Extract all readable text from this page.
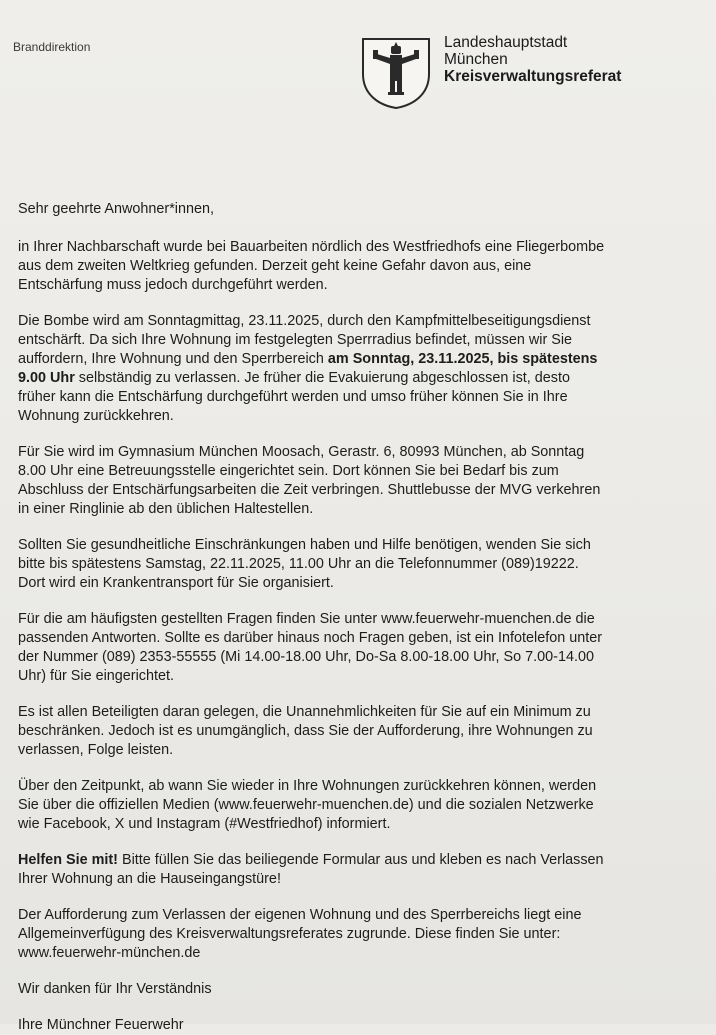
Branddirektion	Landeshauptstadt
München
Kreisverwaltungsreferat

Sehr geehrte Anwohner*innen,

in Ihrer Nachbarschaft wurde bei Bauarbeiten nördlich des Westfriedhofs eine Fliegerbombe

aus dem zweiten Weltkrieg gefunden. Derzeit geht keine Gefahr davon aus, eine

Entschärfung muss jedoch durchgeführt werden.

Die Bombe wird am Sonntagmittag, 23.11.2025, durch den Kampfmittelbeseitigungsdienst

entschärft. Da sich Ihre Wohnung im festgelegten Sperrradius befindet, müssen wir Sie

auffordern, Ihre Wohnung und den Sperrbereich am Sonntag, 23.11.2025, bis spätestens

9.00 Uhr selbständig zu verlassen. Je früher die Evakuierung abgeschlossen ist, desto

früher kann die Entschärfung durchgeführt werden und umso früher können Sie in Ihre

Wohnung zurückkehren.

Für Sie wird im Gymnasium München Moosach, Gerastr. 6, 80993 München, ab Sonntag

8.00 Uhr eine Betreuungsstelle eingerichtet sein. Dort können Sie bei Bedarf bis zum

Abschluss der Entschärfungsarbeiten die Zeit verbringen. Shuttlebusse der MVG verkehren

in einer Ringlinie ab den üblichen Haltestellen.

Sollten Sie gesundheitliche Einschränkungen haben und Hilfe benötigen, wenden Sie sich

bitte bis spätestens Samstag, 22.11.2025, 11.00 Uhr an die Telefonnummer (089)19222.

Dort wird ein Krankentransport für Sie organisiert.

Für die am häufigsten gestellten Fragen finden Sie unter www.feuerwehr-muenchen.de die

passenden Antworten. Sollte es darüber hinaus noch Fragen geben, ist ein Infotelefon unter

der Nummer (089) 2353-55555 (Mi 14.00-18.00 Uhr, Do-Sa 8.00-18.00 Uhr, So 7.00-14.00

Uhr) für Sie eingerichtet.

Es ist allen Beteiligten daran gelegen, die Unannehmlichkeiten für Sie auf ein Minimum zu

beschränken. Jedoch ist es unumgänglich, dass Sie der Aufforderung, ihre Wohnungen zu

verlassen, Folge leisten.

Über den Zeitpunkt, ab wann Sie wieder in Ihre Wohnungen zurückkehren können, werden

Sie über die offiziellen Medien (www.feuerwehr-muenchen.de) und die sozialen Netzwerke

wie Facebook, X und Instagram (#Westfriedhof) informiert.

Helfen Sie mit! Bitte füllen Sie das beiliegende Formular aus und kleben es nach Verlassen

Ihrer Wohnung an die Hauseingangstüre!

Der Aufforderung zum Verlassen der eigenen Wohnung und des Sperrbereichs liegt eine

Allgemeinverfügung des Kreisverwaltungsreferates zugrunde. Diese finden Sie unter:

www.feuerwehr-münchen.de

Wir danken für Ihr Verständnis

Ihre Münchner Feuerwehr
